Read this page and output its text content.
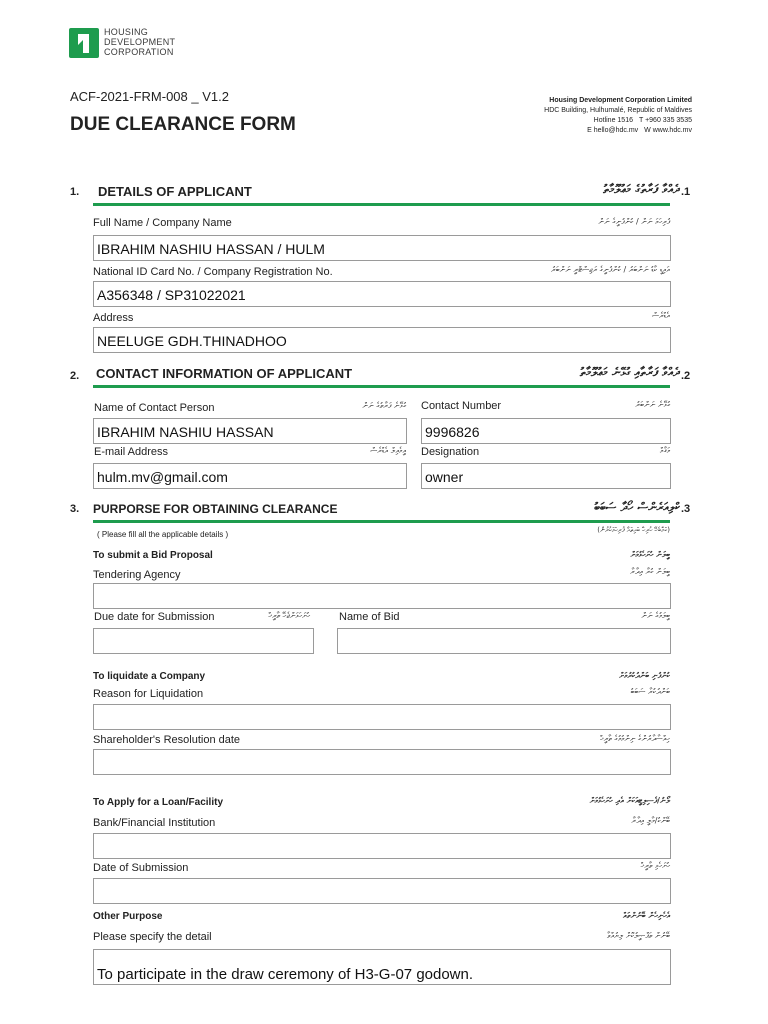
HOUSING
DEVELOPMENT
CORPORATION
ACF-2021-FRM-008 _ V1.2
DUE CLEARANCE FORM
Housing Development Corporation Limited
HDC Building, Hulhumalé, Republic of Maldives
Hotline 1516 T +960 335 3535
E hello@hdc.mv W www.hdc.mv
1. DETAILS OF APPLICANT	ދެއްވާ ފަރާތުގެ މަޢުލޫމާތު .1
Full Name / Company Name	ފުރިހަމަ ނަން / ކުންފުނީގެ ނަން
IBRAHIM NASHIU HASSAN / HULM
National ID Card No. / Company Registration No.	އައިޑީ ކާޑު ނަންބަރު / ކުންފުނީގެ ރަޖިސްޓްރީ ނަންބަރު
A356348 / SP31022021
Address	އެޑްރެސް
NEELUGE GDH.THINADHOO
2. CONTACT INFORMATION OF APPLICANT	ދެއްވާ ފަރާތާއި ގުޅޭނެ މަޢުލޫމާތު .2
Name of Contact Person	ގުޅޭނެ ފަރާތުގެ ނަން
IBRAHIM NASHIU HASSAN
Contact Number	ގުޅޭނެ ނަންބަރު
9996826
E-mail Address	އީމެއިލް އެޑްރެސް
hulm.mv@gmail.com
Designation	މަޤާމް
owner
3. PURPORSE FOR OBTAINING CLEARANCE	ކްލިއަރެންސް ހޯދާ ސަބަބު .3
( Please fill all the applicable details )	(ކަމާބެހޭ ހުރިހާ ބައިތައް ފުރިހަމަކުރުން)
To submit a Bid Proposal	ބީލަން ހުށަހެޅުމަށް
Tendering Agency	ބީލަން ކުރާ އިދާރާ
Due date for Submission	ހުށަހަޅަންޖެހޭ ތާރީޚް	Name of Bid	ބީލަމުގެ ނަން
To liquidate a Company	ކުންފުނި ބަންދުކުރުމަށް
Reason for Liquidation	ބަންދުކުރާ ސަބަބު
Shareholder's Resolution date	ހިއްސާދާރުންގެ ނިންމުމުގެ ތާރީޚް
To Apply for a Loan/Facility	ލޯނު/ފެސިލިޓީއަކަށް އެދި ހުށަހެޅުމަށް
Bank/Financial Institution	ބޭންކު/މާލީ އިދާރާ
Date of Submission	ހުށަހެޅި ތާރީޚް
Other Purpose	އެހެނިހެން ބޭނުންތައް
Please specify the detail	ބޭނުން ތަފްޞީލުކޮށް ލިޔުއްވާ
To participate in the draw ceremony of H3-G-07 godown.
